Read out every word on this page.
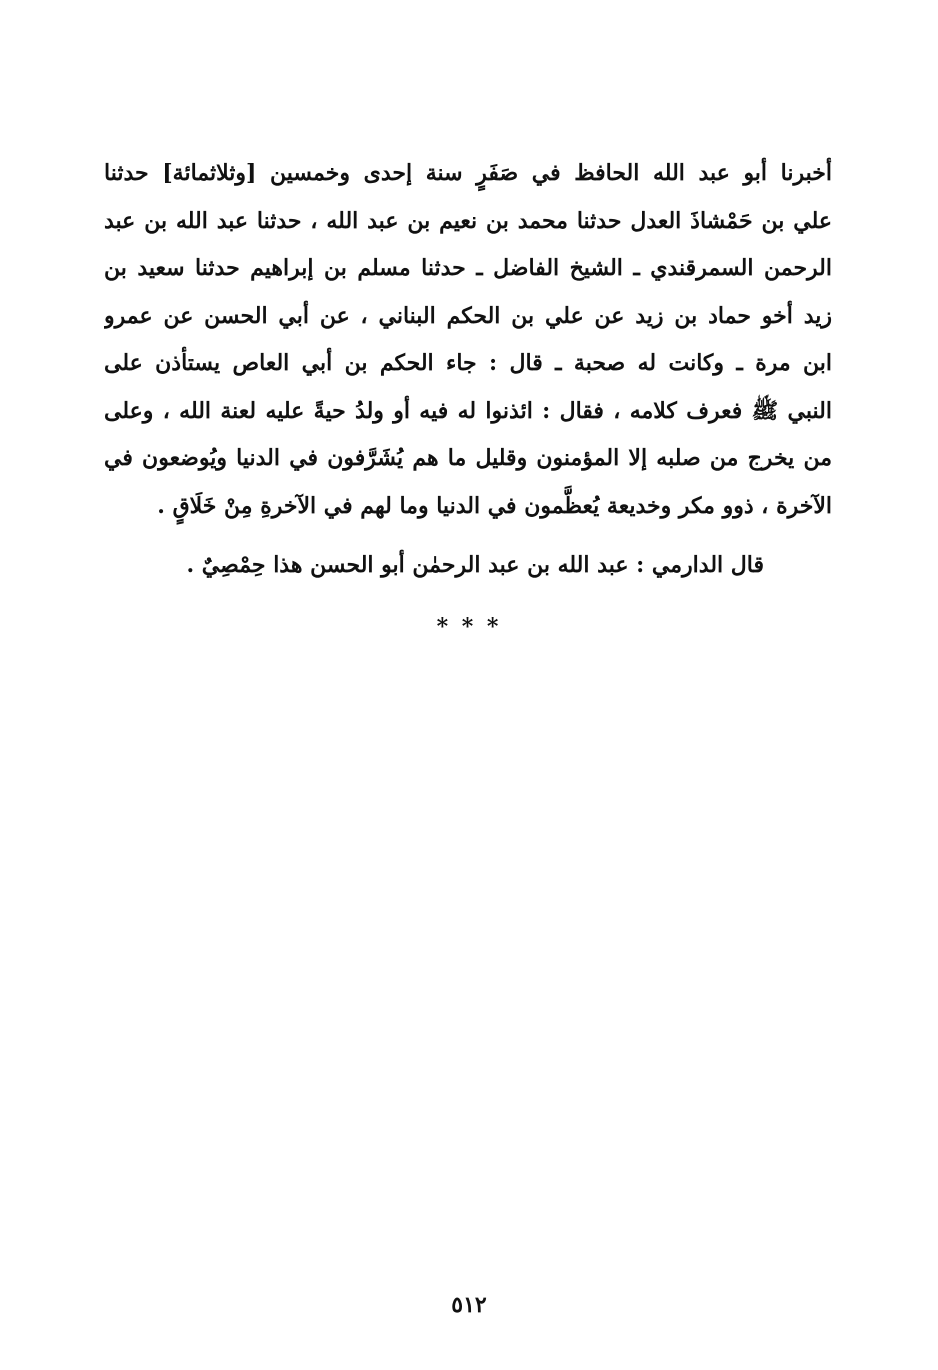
أخبرنا أبو عبد الله الحافظ في صَفَرٍ سنة إحدى وخمسين [وثلاثمائة] حدثنا
علي بن حَمْشاذَ العدل حدثنا محمد بن نعيم بن عبد الله ، حدثنا عبد الله بن عبد
الرحمن السمرقندي ـ الشيخ الفاضل ـ حدثنا مسلم بن إبراهيم حدثنا سعيد بن
زيد أخو حماد بن زيد عن علي بن الحكم البناني ، عن أبي الحسن عن عمرو
ابن مرة ـ وكانت له صحبة ـ قال : جاء الحكم بن أبي العاص يستأذن على
النبي ﷺ فعرف كلامه ، فقال : ائذنوا له فيه أو ولدُ حيةً عليه لعنة الله ، وعلى
من يخرج من صلبه إلا المؤمنون وقليل ما هم يُشَرَّفون في الدنيا ويُوضعون في
الآخرة ، ذوو مكر وخديعة يُعظَّمون في الدنيا وما لهم في الآخرةِ مِنْ خَلَاقٍ .
قال الدارمي : عبد الله بن عبد الرحمٰن أبو الحسن هذا حِمْصِيٌ .
* * *
٥١٢
